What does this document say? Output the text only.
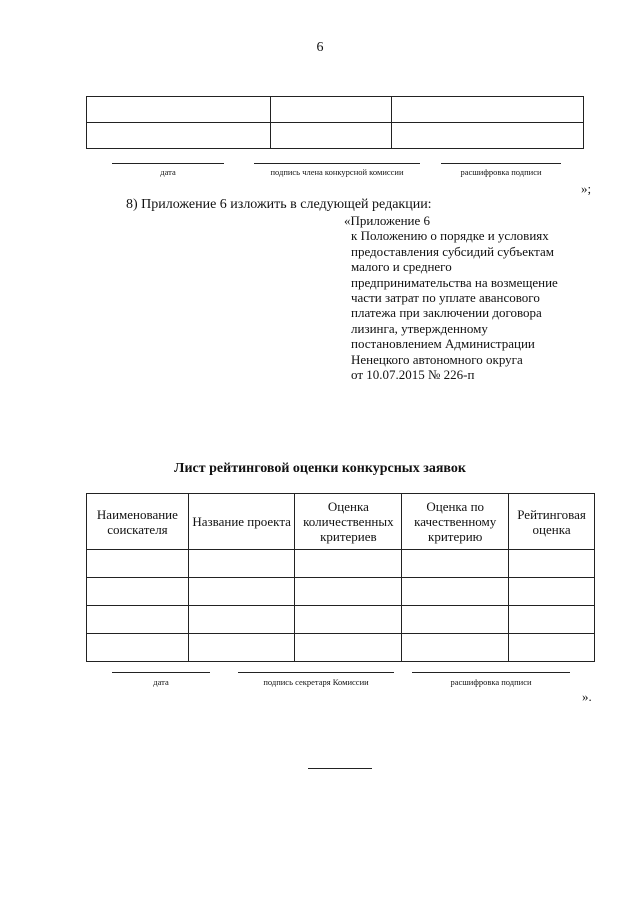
6

дата	подпись члена конкурсной комиссии	расшифровка подписи
»;
8) Приложение 6 изложить в следующей редакции:
«Приложение 6
к Положению о порядке и условиях
предоставления субсидий субъектам
малого и среднего
предпринимательства на возмещение
части затрат по уплате авансового
платежа при заключении договора
лизинга, утвержденному
постановлением Администрации
Ненецкого автономного округа
от 10.07.2015 № 226-п
Лист рейтинговой оценки конкурсных заявок
Наименование соискателя	Название проекта	Оценка количественных критериев	Оценка по качественному критерию	Рейтинговая оценка

дата	подпись секретаря Комиссии	расшифровка подписи
».
